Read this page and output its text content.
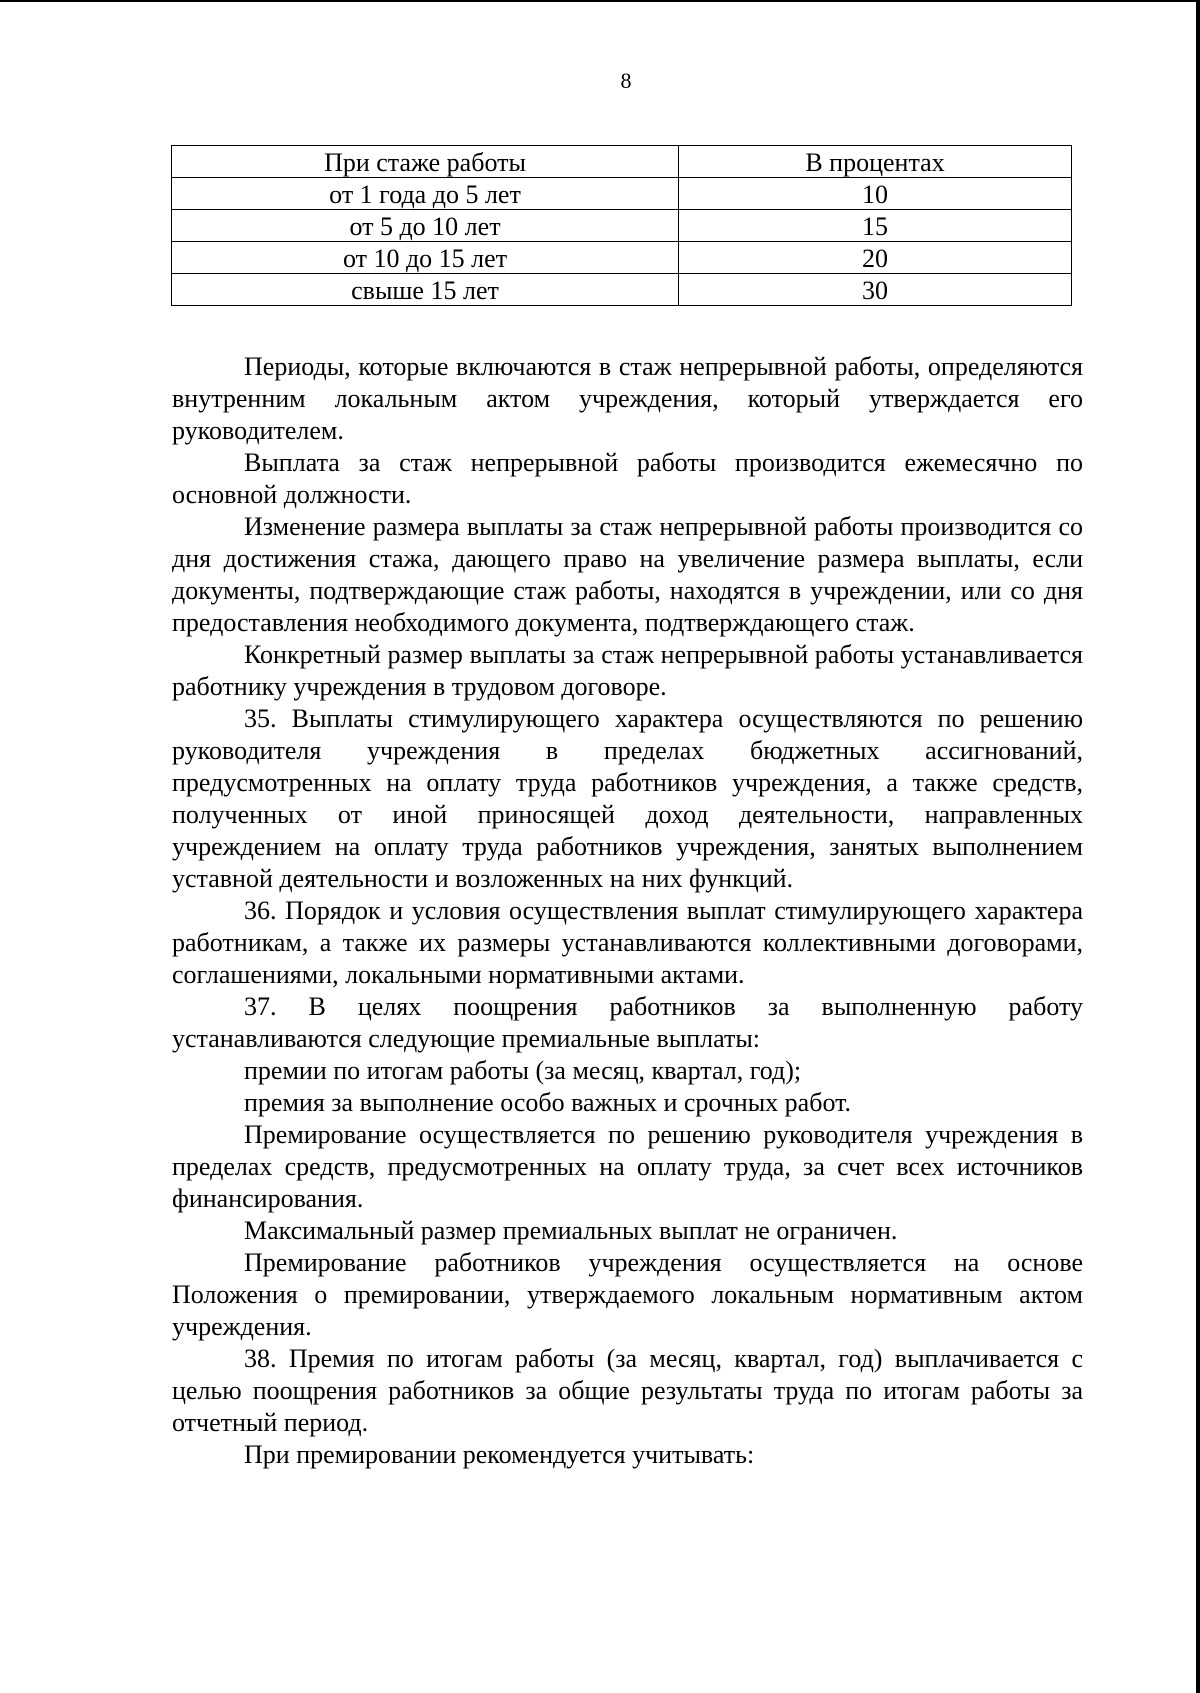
8
При стаже работы	В процентах
от 1 года до 5 лет	10
от 5 до 10 лет	15
от 10 до 15 лет	20
свыше 15 лет	30

Периоды, которые включаются в стаж непрерывной работы, определяются внутренним локальным актом учреждения, который утверждается его руководителем.

Выплата за стаж непрерывной работы производится ежемесячно по основной должности.

Изменение размера выплаты за стаж непрерывной работы производится со дня достижения стажа, дающего право на увеличение размера выплаты, если документы, подтверждающие стаж работы, находятся в учреждении, или со дня предоставления необходимого документа, подтверждающего стаж.

Конкретный размер выплаты за стаж непрерывной работы устанавливается работнику учреждения в трудовом договоре.

35. Выплаты стимулирующего характера осуществляются по решению руководителя учреждения в пределах бюджетных ассигнований, предусмотренных на оплату труда работников учреждения, а также средств, полученных от иной приносящей доход деятельности, направленных учреждением на оплату труда работников учреждения, занятых выполнением уставной деятельности и возложенных на них функций.

36. Порядок и условия осуществления выплат стимулирующего характера работникам, а также их размеры устанавливаются коллективными договорами, соглашениями, локальными нормативными актами.

37. В целях поощрения работников за выполненную работу устанавливаются следующие премиальные выплаты:

премии по итогам работы (за месяц, квартал, год);

премия за выполнение особо важных и срочных работ.

Премирование осуществляется по решению руководителя учреждения в пределах средств, предусмотренных на оплату труда, за счет всех источников финансирования.

Максимальный размер премиальных выплат не ограничен.

Премирование работников учреждения осуществляется на основе Положения о премировании, утверждаемого локальным нормативным актом учреждения.

38. Премия по итогам работы (за месяц, квартал, год) выплачивается с целью поощрения работников за общие результаты труда по итогам работы за отчетный период.

При премировании рекомендуется учитывать:
